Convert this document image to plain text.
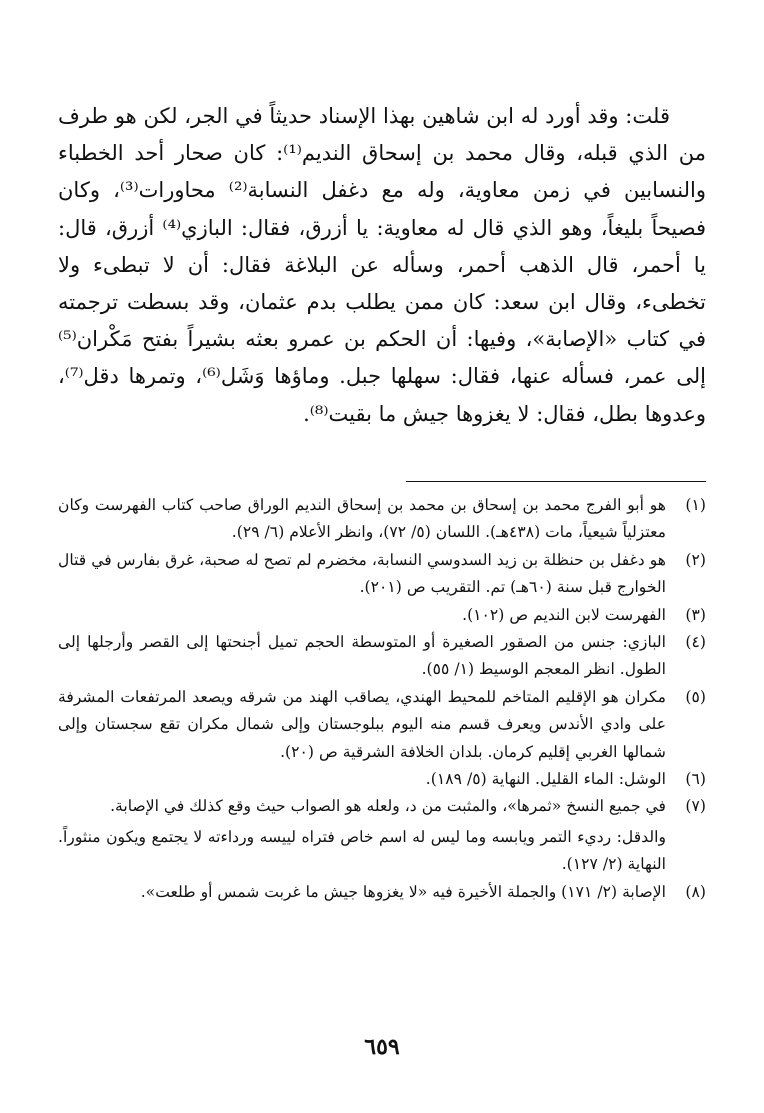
قلت: وقد أورد له ابن شاهين بهذا الإسناد حديثاً في الجر، لكن هو طرف من الذي قبله، وقال محمد بن إسحاق النديم⁽¹⁾: كان صحار أحد الخطباء والنسابين في زمن معاوية، وله مع دغفل النسابة⁽²⁾ محاورات⁽³⁾، وكان فصيحاً بليغاً، وهو الذي قال له معاوية: يا أزرق، فقال: البازي⁽⁴⁾ أزرق، قال: يا أحمر، قال الذهب أحمر، وسأله عن البلاغة فقال: أن لا تبطىء ولا تخطىء، وقال ابن سعد: كان ممن يطلب بدم عثمان، وقد بسطت ترجمته في كتاب «الإصابة»، وفيها: أن الحكم بن عمرو بعثه بشيراً بفتح مَكْران⁽⁵⁾ إلى عمر، فسأله عنها، فقال: سهلها جبل. وماؤها وَشَل⁽⁶⁾، وتمرها دقل⁽⁷⁾، وعدوها بطل، فقال: لا يغزوها جيش ما بقيت⁽⁸⁾.

(١)
هو أبو الفرج محمد بن إسحاق بن محمد بن إسحاق النديم الوراق صاحب كتاب الفهرست وكان معتزلياً شيعياً، مات (٤٣٨هـ). اللسان (٥/ ٧٢)، وانظر الأعلام (٦/ ٢٩).
(٢)
هو دغفل بن حنظلة بن زيد السدوسي النسابة، مخضرم لم تصح له صحبة، غرق بفارس في قتال الخوارج قبل سنة (٦٠هـ) تم. التقريب ص (٢٠١).
(٣)
الفهرست لابن النديم ص (١٠٢).
(٤)
البازي: جنس من الصقور الصغيرة أو المتوسطة الحجم تميل أجنحتها إلى القصر وأرجلها إلى الطول. انظر المعجم الوسيط (١/ ٥٥).
(٥)
مكران هو الإقليم المتاخم للمحيط الهندي، يصاقب الهند من شرقه ويصعد المرتفعات المشرفة على وادي الأندس ويعرف قسم منه اليوم ببلوجستان وإلى شمال مكران تقع سجستان وإلى شمالها الغربي إقليم كرمان. بلدان الخلافة الشرقية ص (٢٠).
(٦)
الوشل: الماء القليل. النهاية (٥/ ١٨٩).
(٧)
في جميع النسخ «ثمرها»، والمثبت من د، ولعله هو الصواب حيث وقع كذلك في الإصابة.
والدقل: رديء التمر ويابسه وما ليس له اسم خاص فتراه لييسه ورداءته لا يجتمع ويكون منثوراً. النهاية (٢/ ١٢٧).
(٨)
الإصابة (٢/ ١٧١) والجملة الأخيرة فيه «لا يغزوها جيش ما غربت شمس أو طلعت».
٦٥٩
